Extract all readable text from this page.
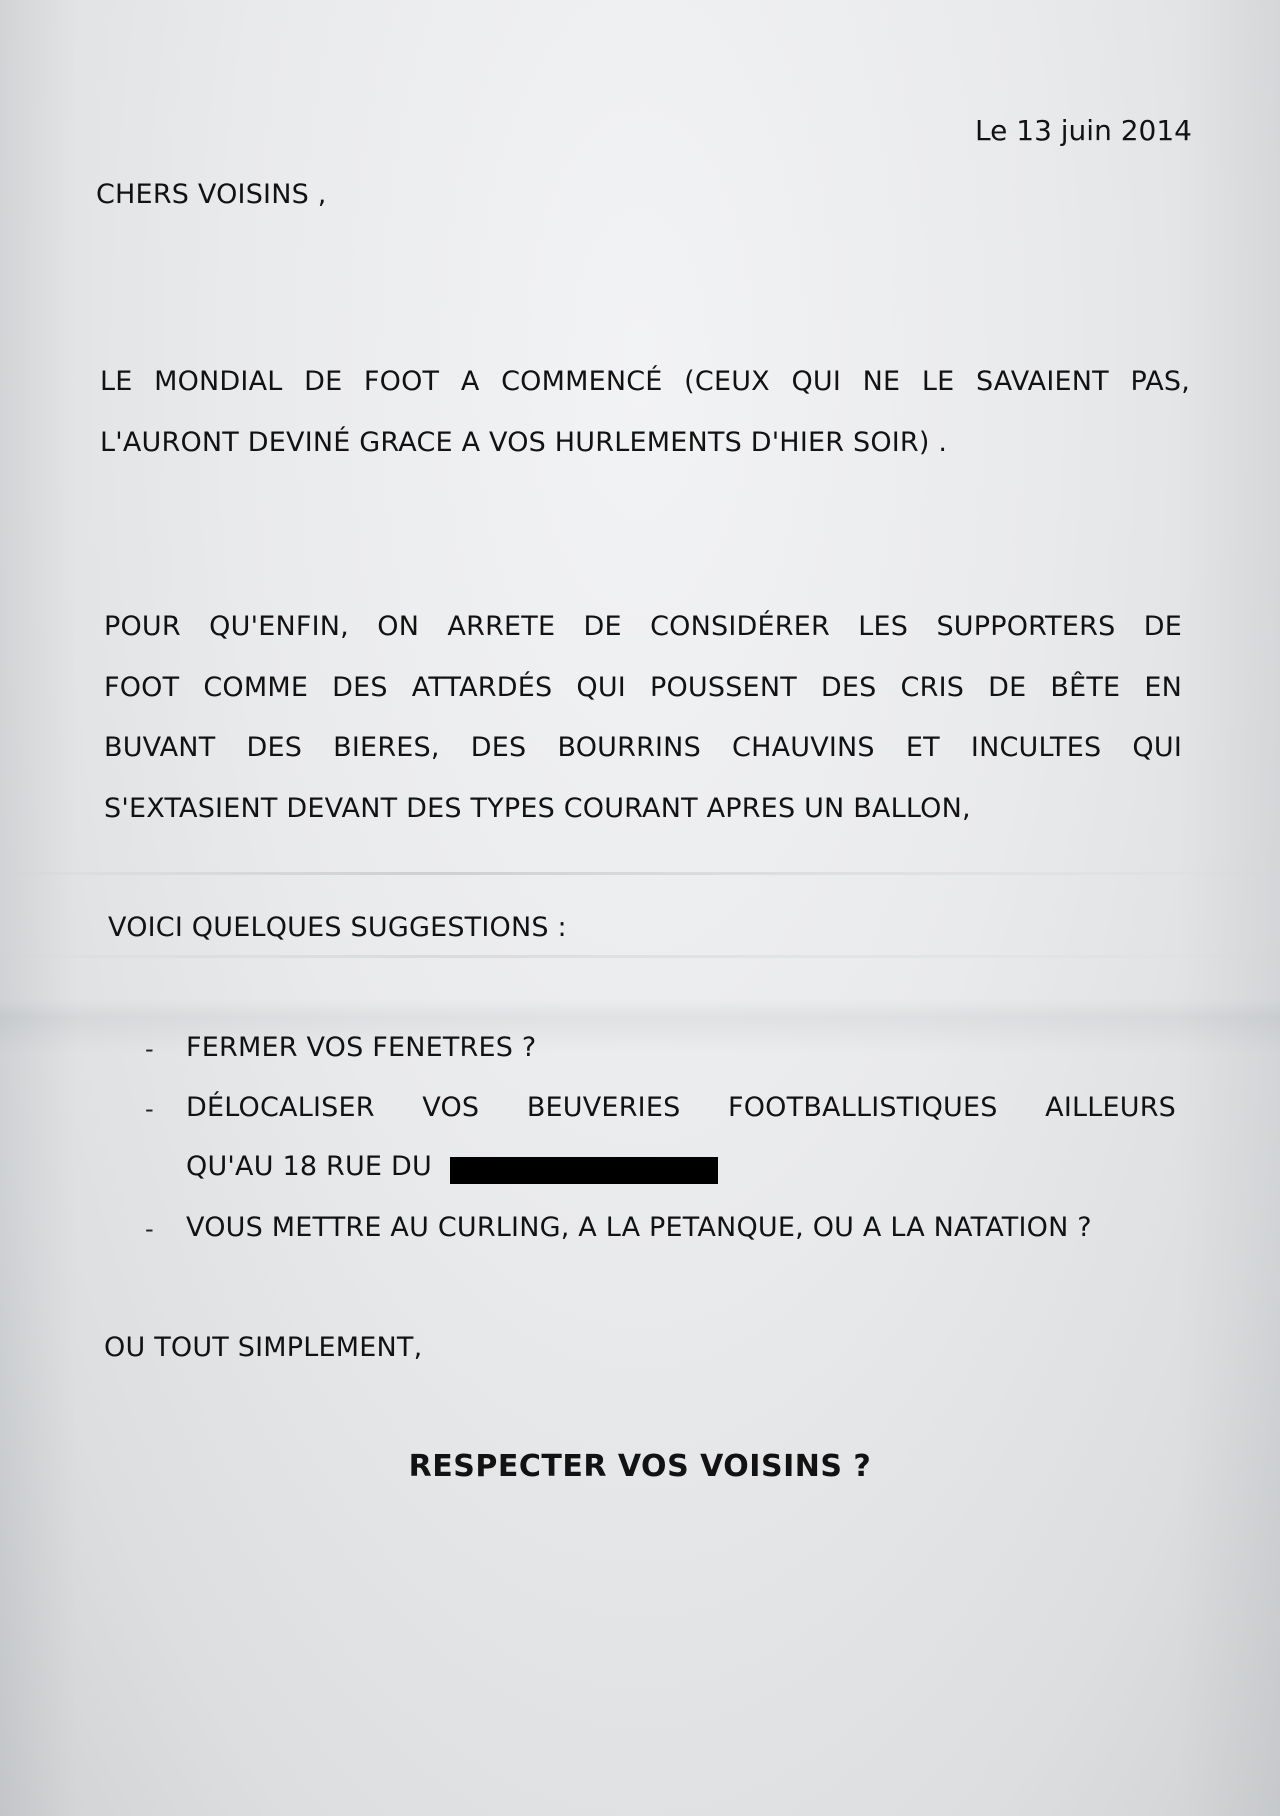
Le 13 juin 2014

CHERS VOISINS ,

LE MONDIAL DE FOOT A COMMENCÉ (CEUX QUI NE LE SAVAIENT PAS,

L'AURONT DEVINÉ GRACE A VOS HURLEMENTS D'HIER SOIR) .

POUR QU'ENFIN, ON ARRETE DE CONSIDÉRER LES SUPPORTERS DE

FOOT COMME DES ATTARDÉS QUI POUSSENT DES CRIS DE BÊTE EN

BUVANT DES BIERES, DES BOURRINS CHAUVINS ET INCULTES QUI

S'EXTASIENT DEVANT DES TYPES COURANT APRES UN BALLON,

VOICI QUELQUES SUGGESTIONS :

- FERMER VOS FENETRES ?

- DÉLOCALISER VOS BEUVERIES FOOTBALLISTIQUES AILLEURS

QU'AU 18 RUE DU

- VOUS METTRE AU CURLING, A LA PETANQUE, OU A LA NATATION ?

OU TOUT SIMPLEMENT,

RESPECTER VOS VOISINS ?
